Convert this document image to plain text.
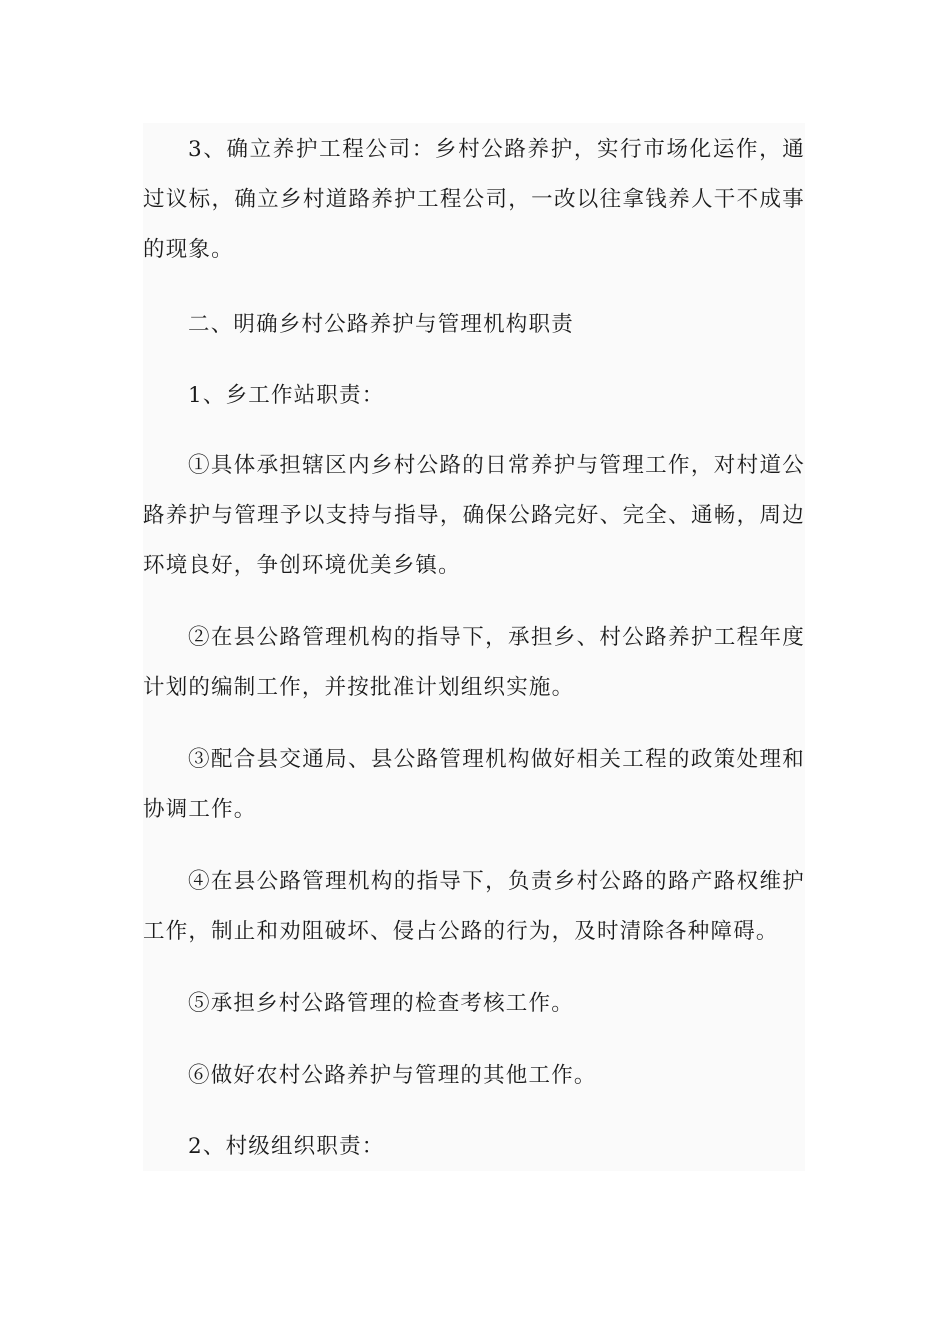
3、确立养护工程公司：乡村公路养护，实行市场化运作，通过议标，确立乡村道路养护工程公司，一改以往拿钱养人干不成事的现象。

二、明确乡村公路养护与管理机构职责

1、乡工作站职责：

①具体承担辖区内乡村公路的日常养护与管理工作，对村道公路养护与管理予以支持与指导，确保公路完好、完全、通畅，周边环境良好，争创环境优美乡镇。

②在县公路管理机构的指导下，承担乡、村公路养护工程年度计划的编制工作，并按批准计划组织实施。

③配合县交通局、县公路管理机构做好相关工程的政策处理和协调工作。

④在县公路管理机构的指导下，负责乡村公路的路产路权维护工作，制止和劝阻破坏、侵占公路的行为，及时清除各种障碍。

⑤承担乡村公路管理的检查考核工作。

⑥做好农村公路养护与管理的其他工作。

2、村级组织职责：
